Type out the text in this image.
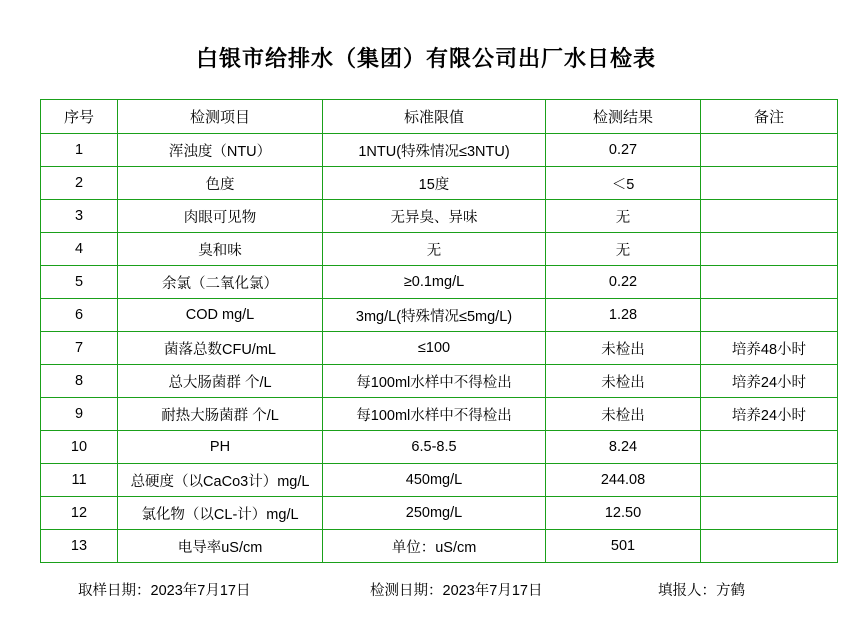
白银市给排水（集团）有限公司出厂水日检表
序号	检测项目	标准限值	检测结果	备注
1	浑浊度（NTU）	1NTU(特殊情况≤3NTU)	0.27	
2	色度	15度	＜5	
3	肉眼可见物	无异臭、异味	无	
4	臭和味	无	无	
5	余氯（二氧化氯）	≥0.1mg/L	0.22	
6	COD mg/L	3mg/L(特殊情况≤5mg/L)	1.28	
7	菌落总数CFU/mL	≤100	未检出	培养48小时
8	总大肠菌群 个/L	每100ml水样中不得检出	未检出	培养24小时
9	耐热大肠菌群 个/L	每100ml水样中不得检出	未检出	培养24小时
10	PH	6.5-8.5	8.24	
11	总硬度（以CaCo3计）mg/L	450mg/L	244.08	
12	氯化物（以CL-计）mg/L	250mg/L	12.50	
13	电导率uS/cm	单位：uS/cm	501	
取样日期：2023年7月17日	检测日期：2023年7月17日	填报人：方鹤
